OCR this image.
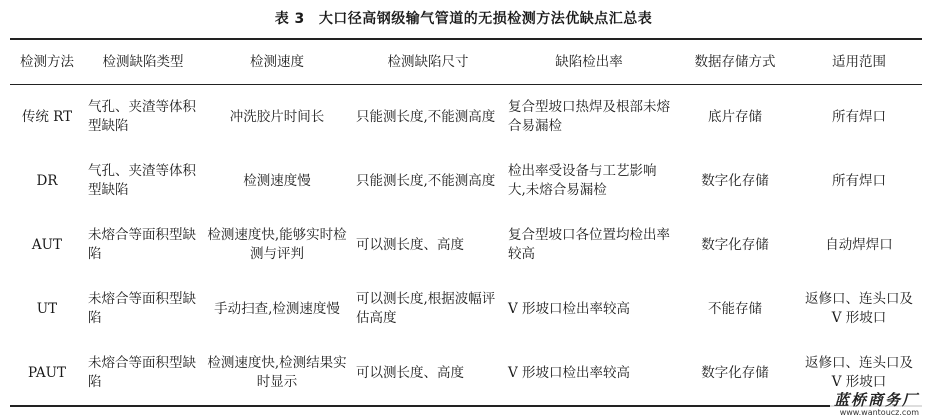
表 3 大口径高钢级输气管道的无损检测方法优缺点汇总表
检测方法	检测缺陷类型	检测速度	检测缺陷尺寸	缺陷检出率	数据存储方式	适用范围
传统 RT	气孔、夹渣等体积型缺陷	冲洗胶片时间长	只能测长度,不能测高度	复合型坡口热焊及根部未熔合易漏检	底片存储	所有焊口
DR	气孔、夹渣等体积型缺陷	检测速度慢	只能测长度,不能测高度	检出率受设备与工艺影响大,未熔合易漏检	数字化存储	所有焊口
AUT	未熔合等面积型缺陷	检测速度快,能够实时检测与评判	可以测长度、高度	复合型坡口各位置均检出率较高	数字化存储	自动焊焊口
UT	未熔合等面积型缺陷	手动扫查,检测速度慢	可以测长度,根据波幅评估高度	V 形坡口检出率较高	不能存储	返修口、连头口及 V 形坡口
PAUT	未熔合等面积型缺陷	检测速度快,检测结果实时显示	可以测长度、高度	V 形坡口检出率较高	数字化存储	返修口、连头口及 V 形坡口
蓝桥商务厂
www.wantoucz.com
